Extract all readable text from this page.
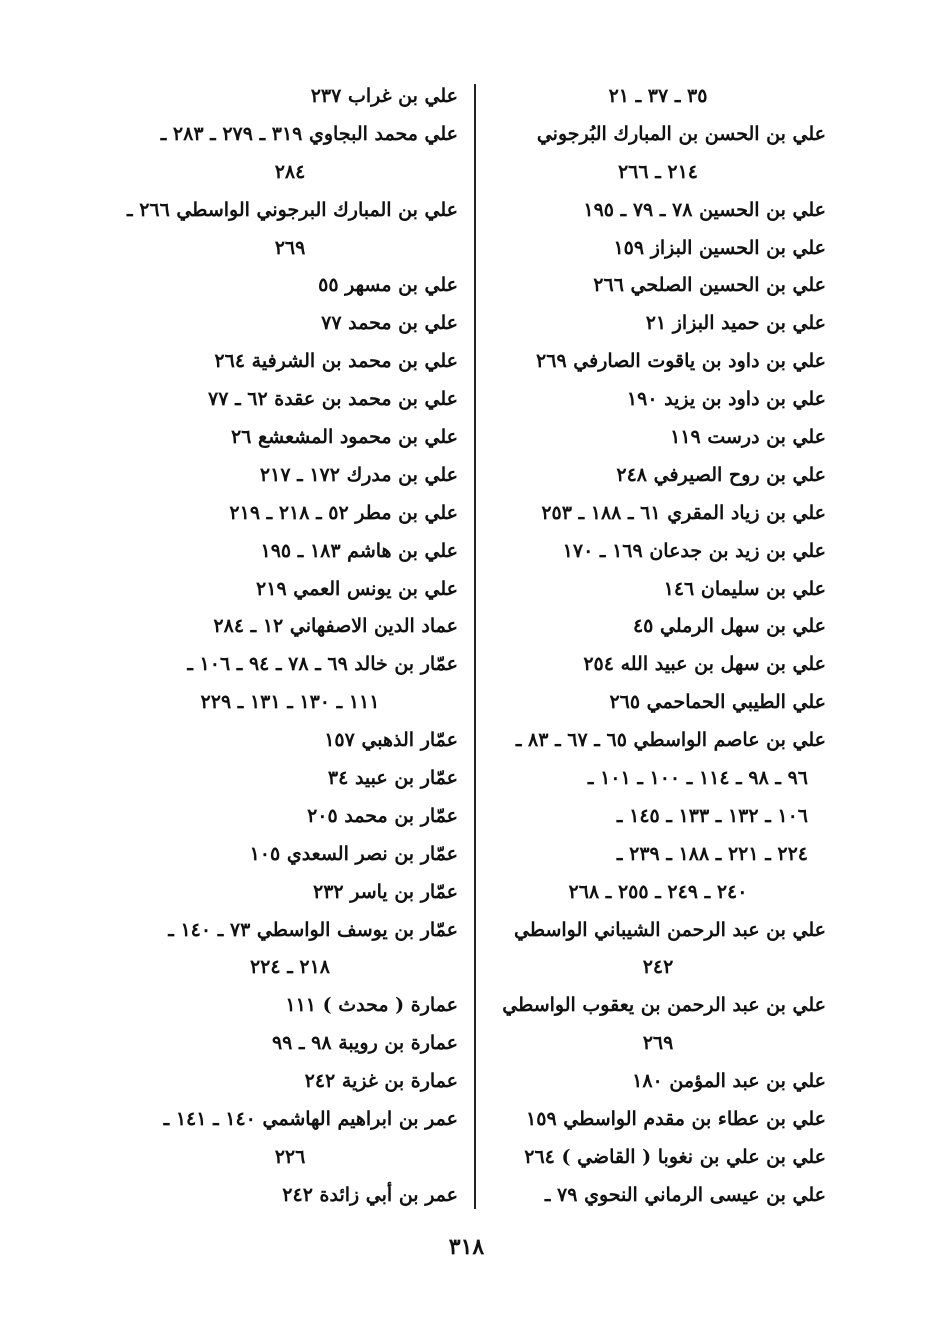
٣٥ ـ ٣٧ ـ ٢١
علي بن الحسن بن المبارك البُرجوني
٢١٤ ـ ٢٦٦
علي بن الحسين ٧٨ ـ ٧٩ ـ ١٩٥
علي بن الحسين البزاز ١٥٩
علي بن الحسين الصلحي ٢٦٦
علي بن حميد البزاز ٢١
علي بن داود بن ياقوت الصارفي ٢٦٩
علي بن داود بن يزيد ١٩٠
علي بن درست ١١٩
علي بن روح الصيرفي ٢٤٨
علي بن زياد المقري ٦١ ـ ١٨٨ ـ ٢٥٣
علي بن زيد بن جدعان ١٦٩ ـ ١٧٠
علي بن سليمان ١٤٦
علي بن سهل الرملي ٤٥
علي بن سهل بن عبيد الله ٢٥٤
علي الطيبي الحماحمي ٢٦٥
علي بن عاصم الواسطي ٦٥ ـ ٦٧ ـ ٨٣ ـ
٩٦ ـ ٩٨ ـ ١١٤ ـ ١٠٠ ـ ١٠١ ـ
١٠٦ ـ ١٣٢ ـ ١٣٣ ـ ١٤٥ ـ
٢٢٤ ـ ٢٢١ ـ ١٨٨ ـ ٢٣٩ ـ
٢٤٠ ـ ٢٤٩ ـ ٢٥٥ ـ ٢٦٨
علي بن عبد الرحمن الشيباني الواسطي
٢٤٢
علي بن عبد الرحمن بن يعقوب الواسطي
٢٦٩
علي بن عبد المؤمن ١٨٠
علي بن عطاء بن مقدم الواسطي ١٥٩
علي بن علي بن نغوبا ( القاضي ) ٢٦٤
علي بن عيسى الرماني النحوي ٧٩ ـ
علي بن غراب ٢٣٧
علي محمد البجاوي ٣١٩ ـ ٢٧٩ ـ ٢٨٣ ـ
٢٨٤
علي بن المبارك البرجوني الواسطي ٢٦٦ ـ
٢٦٩
علي بن مسهر ٥٥
علي بن محمد ٧٧
علي بن محمد بن الشرفية ٢٦٤
علي بن محمد بن عقدة ٦٢ ـ ٧٧
علي بن محمود المشعشع ٢٦
علي بن مدرك ١٧٢ ـ ٢١٧
علي بن مطر ٥٢ ـ ٢١٨ ـ ٢١٩
علي بن هاشم ١٨٣ ـ ١٩٥
علي بن يونس العمي ٢١٩
عماد الدين الاصفهاني ١٢ ـ ٢٨٤
عمّار بن خالد ٦٩ ـ ٧٨ ـ ٩٤ ـ ١٠٦ ـ
١١١ ـ ١٣٠ ـ ١٣١ ـ ٢٢٩
عمّار الذهبي ١٥٧
عمّار بن عبيد ٣٤
عمّار بن محمد ٢٠٥
عمّار بن نصر السعدي ١٠٥
عمّار بن ياسر ٢٣٢
عمّار بن يوسف الواسطي ٧٣ ـ ١٤٠ ـ
٢١٨ ـ ٢٢٤
عمارة ( محدث ) ١١١
عمارة بن رويبة ٩٨ ـ ٩٩
عمارة بن غزية ٢٤٢
عمر بن ابراهيم الهاشمي ١٤٠ ـ ١٤١ ـ
٢٢٦
عمر بن أبي زائدة ٢٤٢
٣١٨
